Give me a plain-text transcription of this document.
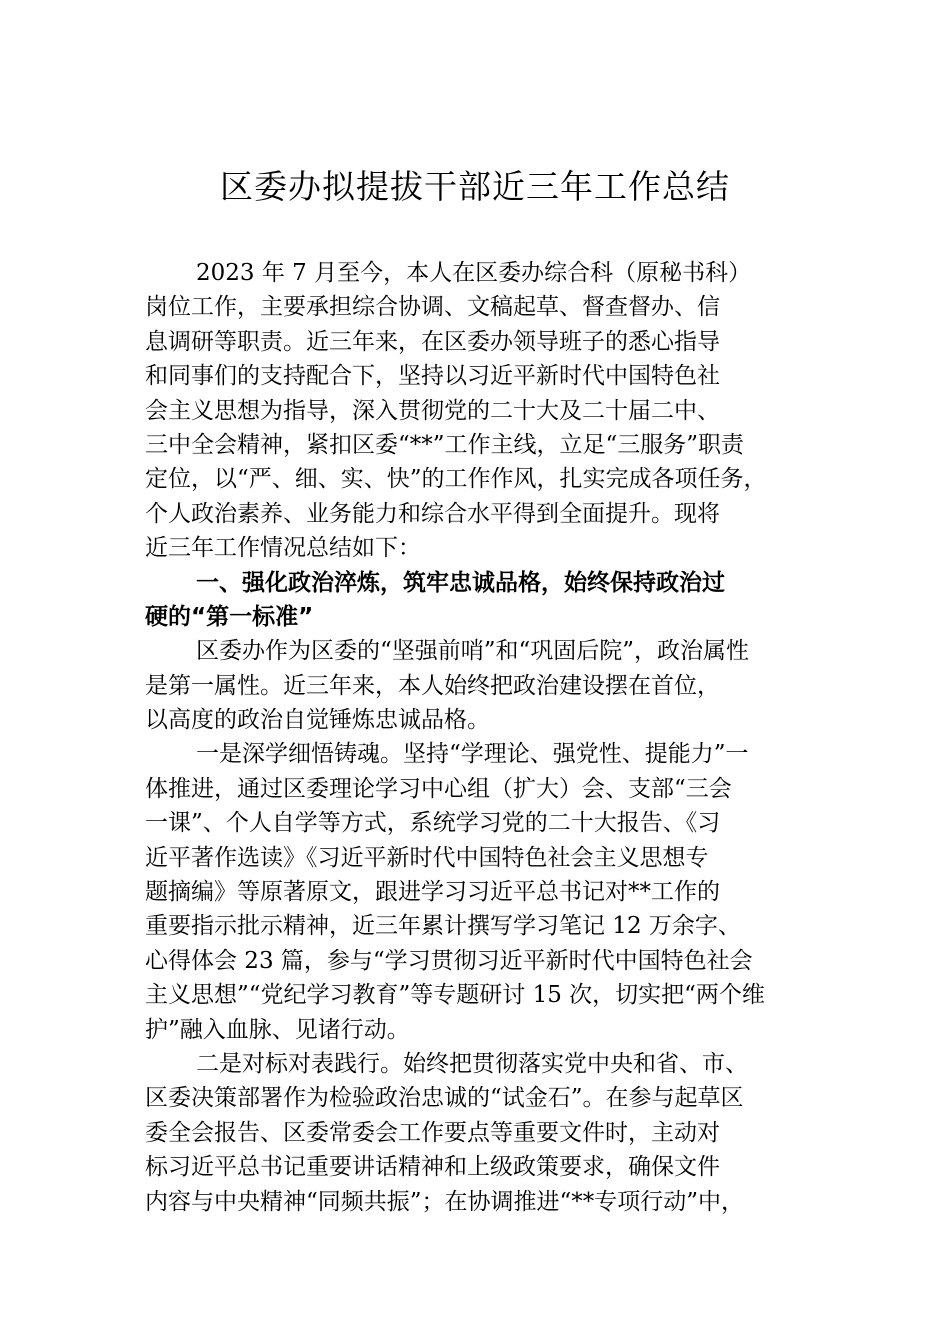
区委办拟提拔干部近三年工作总结
2023 年 7 月至今，本人在区委办综合科（原秘书科）
岗位工作，主要承担综合协调、文稿起草、督查督办、信
息调研等职责。近三年来，在区委办领导班子的悉心指导
和同事们的支持配合下，坚持以习近平新时代中国特色社
会主义思想为指导，深入贯彻党的二十大及二十届二中、
三中全会精神，紧扣区委“**”工作主线，立足“三服务”职责
定位，以“严、细、实、快”的工作作风，扎实完成各项任务，
个人政治素养、业务能力和综合水平得到全面提升。现将
近三年工作情况总结如下：
一、强化政治淬炼，筑牢忠诚品格，始终保持政治过
硬的“第一标准”
区委办作为区委的“坚强前哨”和“巩固后院”，政治属性
是第一属性。近三年来，本人始终把政治建设摆在首位，
以高度的政治自觉锤炼忠诚品格。
一是深学细悟铸魂。坚持“学理论、强党性、提能力”一
体推进，通过区委理论学习中心组（扩大）会、支部“三会
一课”、个人自学等方式，系统学习党的二十大报告、《习
近平著作选读》《习近平新时代中国特色社会主义思想专
题摘编》等原著原文，跟进学习习近平总书记对**工作的
重要指示批示精神，近三年累计撰写学习笔记 12 万余字、
心得体会 23 篇，参与“学习贯彻习近平新时代中国特色社会
主义思想”“党纪学习教育”等专题研讨 15 次，切实把“两个维
护”融入血脉、见诸行动。
二是对标对表践行。始终把贯彻落实党中央和省、市、
区委决策部署作为检验政治忠诚的“试金石”。在参与起草区
委全会报告、区委常委会工作要点等重要文件时，主动对
标习近平总书记重要讲话精神和上级政策要求，确保文件
内容与中央精神“同频共振”；在协调推进“**专项行动”中，
